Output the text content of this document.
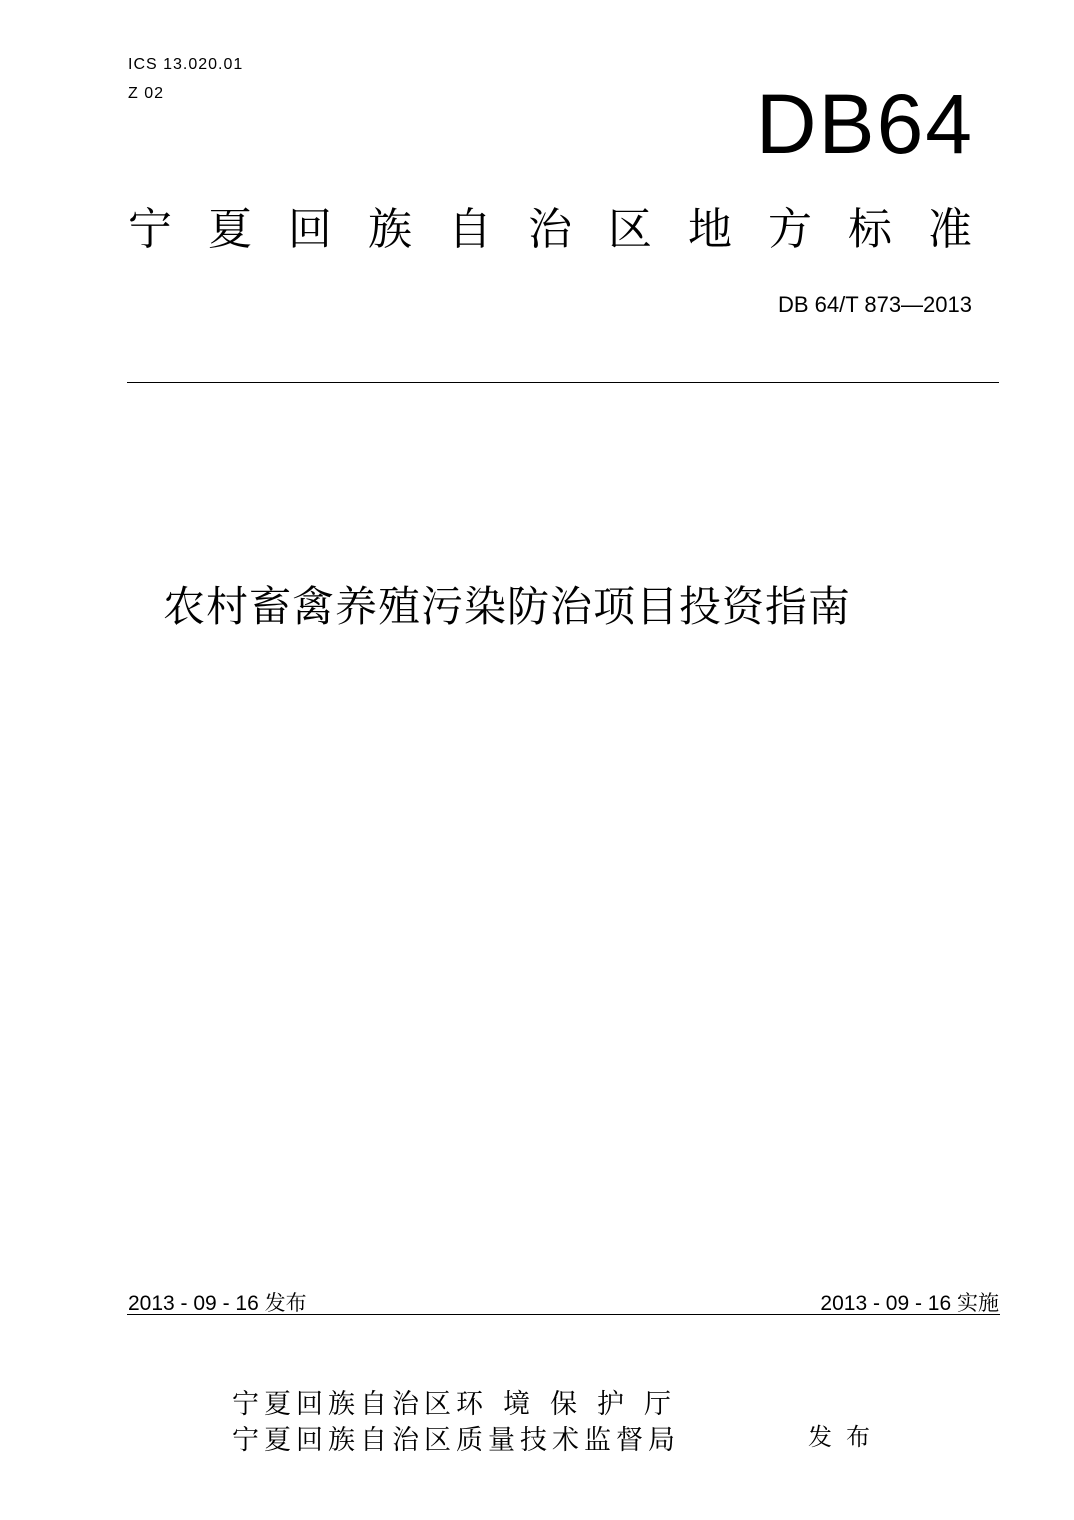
ICS 13.020.01
Z 02	DB64
宁夏回族自治区地方标准
DB 64/T 873—2013
农村畜禽养殖污染防治项目投资指南
2013 - 09 - 16 发布	2013 - 09 - 16 实施
宁夏回族自治区环境保护厅
宁夏回族自治区质量技术监督局	发布
